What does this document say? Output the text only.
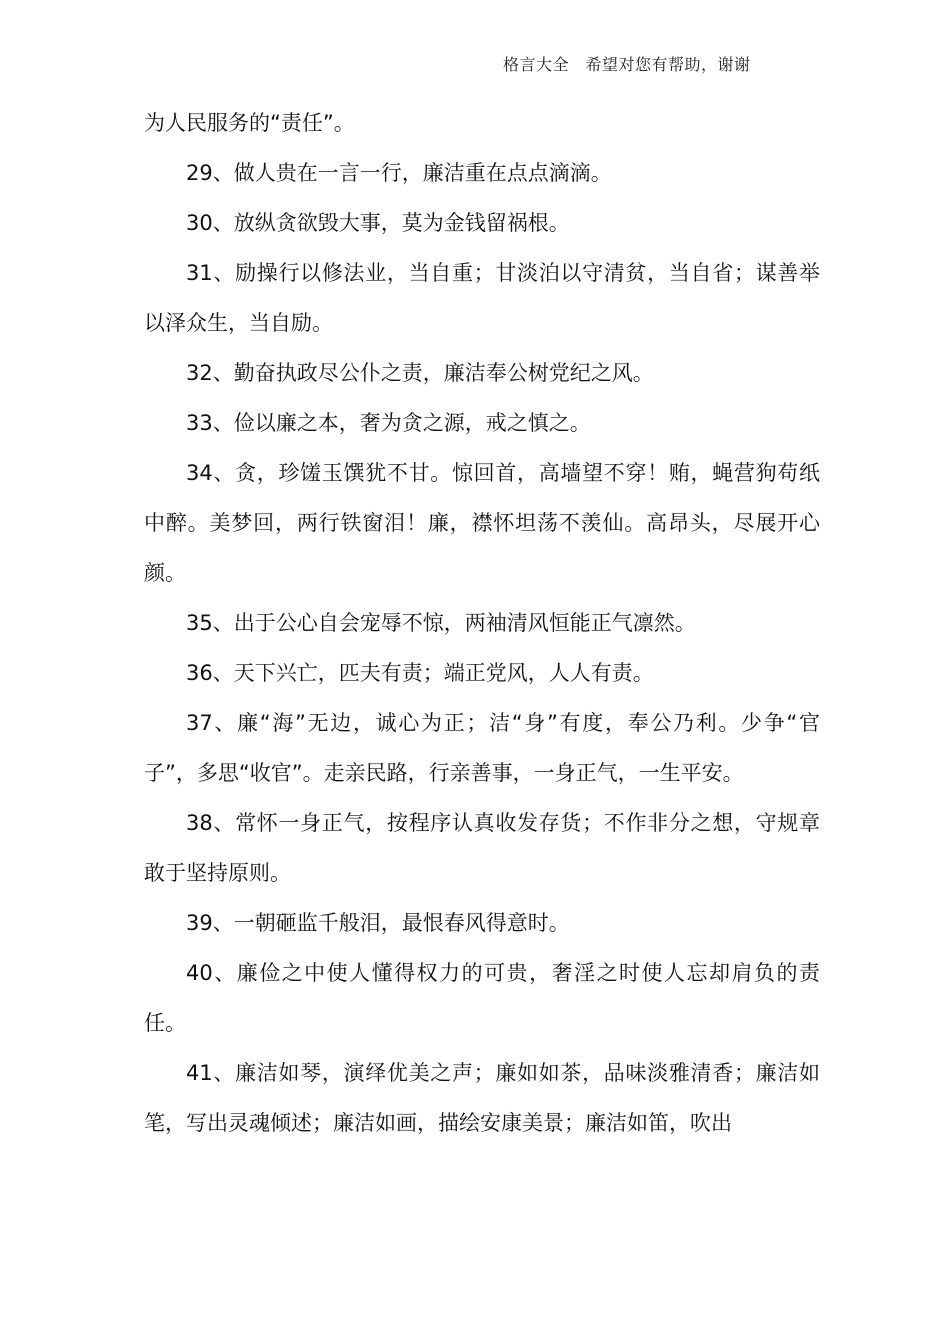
格言大全　希望对您有帮助，谢谢

为人民服务的“责任”。

29、做人贵在一言一行，廉洁重在点点滴滴。

30、放纵贪欲毁大事，莫为金钱留祸根。

31、励操行以修法业，当自重；甘淡泊以守清贫，当自省；谋善举以泽众生，当自励。

32、勤奋执政尽公仆之责，廉洁奉公树党纪之风。

33、俭以廉之本，奢为贪之源，戒之慎之。

34、贪，珍馐玉馔犹不甘。惊回首，高墙望不穿！贿，蝇营狗苟纸中醉。美梦回，两行铁窗泪！廉，襟怀坦荡不羡仙。高昂头，尽展开心颜。

35、出于公心自会宠辱不惊，两袖清风恒能正气凛然。

36、天下兴亡，匹夫有责；端正党风，人人有责。

37、廉“海”无边，诚心为正；洁“身”有度，奉公乃利。少争“官子”，多思“收官”。走亲民路，行亲善事，一身正气，一生平安。

38、常怀一身正气，按程序认真收发存货；不作非分之想，守规章敢于坚持原则。

39、一朝砸监千般泪，最恨春风得意时。

40、廉俭之中使人懂得权力的可贵，奢淫之时使人忘却肩负的责任。

41、廉洁如琴，演绎优美之声；廉如如茶，品味淡雅清香；廉洁如笔，写出灵魂倾述；廉洁如画，描绘安康美景；廉洁如笛，吹出
